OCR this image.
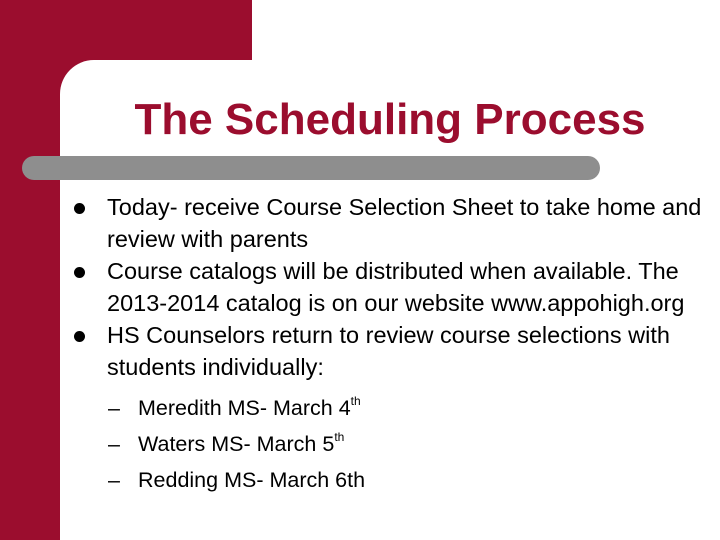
The Scheduling Process
Today- receive Course Selection Sheet to take home and review with parents
Course catalogs will be distributed when available. The 2013-2014 catalog is on our website www.appohigh.org
HS Counselors return to review course selections with students individually:
– Meredith MS- March 4th
– Waters MS- March 5th
– Redding MS- March 6th
